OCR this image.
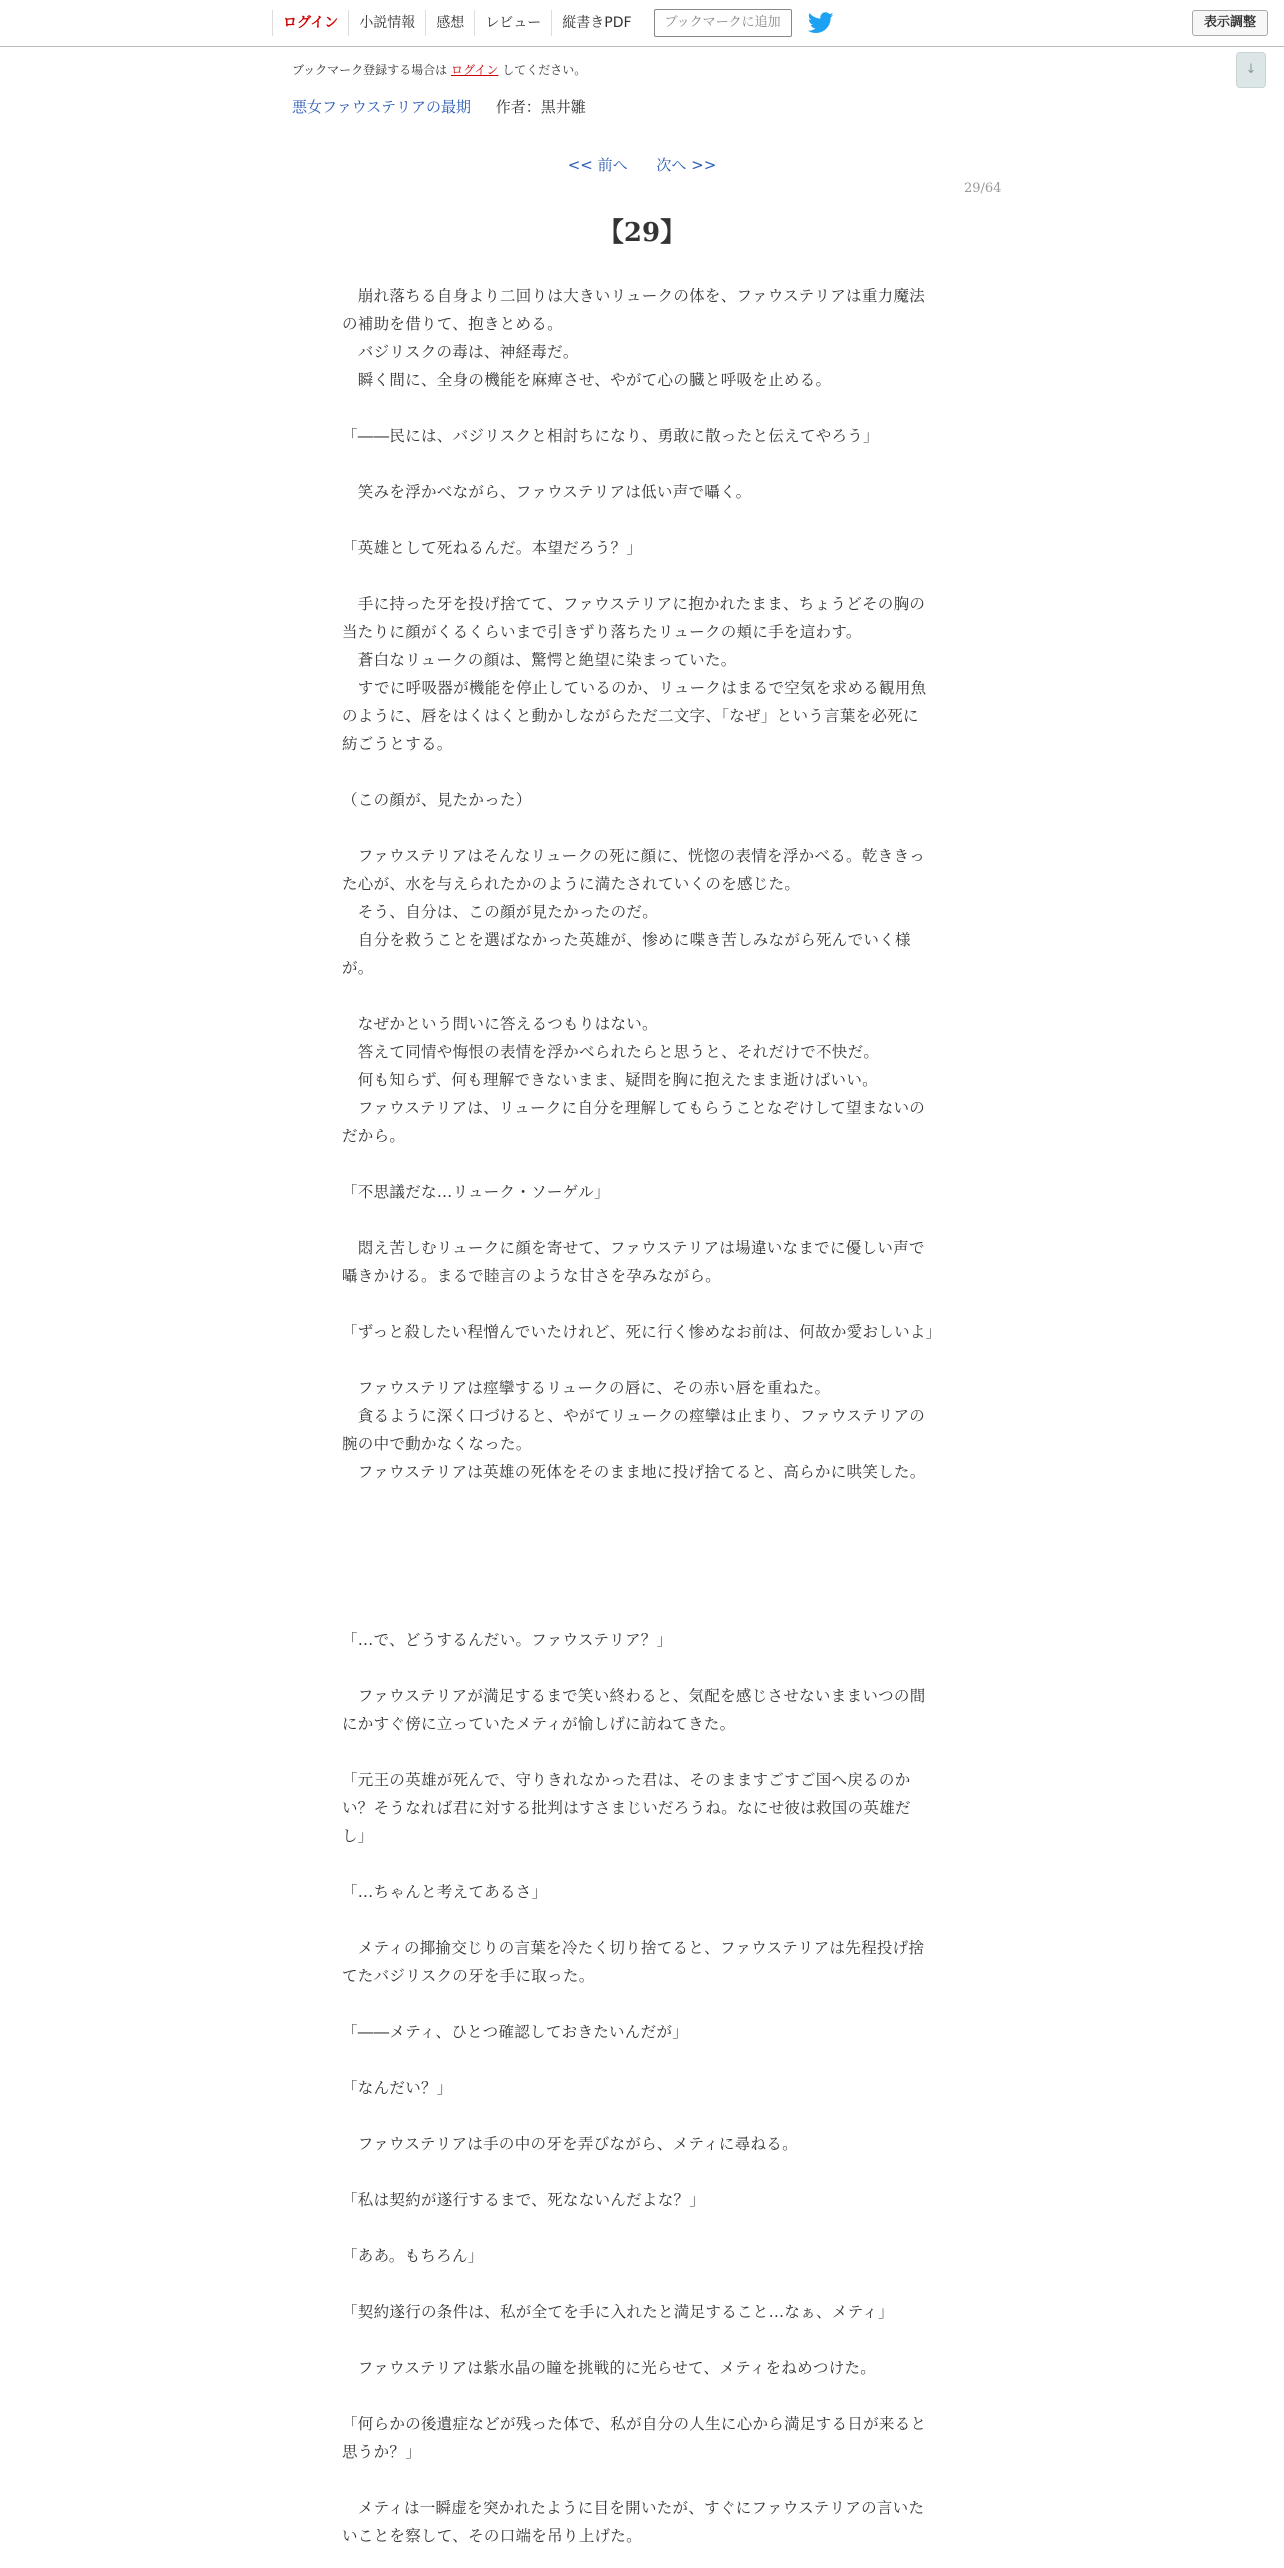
ログイン	小説情報	感想	レビュー	縦書きPDF	ブックマークに追加	表示調整
↓
ブックマーク登録する場合は ログイン してください。
悪女ファウステリアの最期 作者：黒井雛
<< 前へ 次へ >>
29/64
【29】
　崩れ落ちる自身より二回りは大きいリュークの体を、ファウステリアは重力魔法の補助を借りて、抱きとめる。
　バジリスクの毒は、神経毒だ。
　瞬く間に、全身の機能を麻痺させ、やがて心の臓と呼吸を止める。

「――民には、バジリスクと相討ちになり、勇敢に散ったと伝えてやろう」

　笑みを浮かべながら、ファウステリアは低い声で囁く。

「英雄として死ねるんだ。本望だろう？」

　手に持った牙を投げ捨てて、ファウステリアに抱かれたまま、ちょうどその胸の当たりに顔がくるくらいまで引きずり落ちたリュークの頬に手を這わす。
　蒼白なリュークの顔は、驚愕と絶望に染まっていた。
　すでに呼吸器が機能を停止しているのか、リュークはまるで空気を求める観用魚のように、唇をはくはくと動かしながらただ二文字、「なぜ」という言葉を必死に紡ごうとする。

（この顔が、見たかった）

　ファウステリアはそんなリュークの死に顔に、恍惚の表情を浮かべる。乾ききった心が、水を与えられたかのように満たされていくのを感じた。
　そう、自分は、この顔が見たかったのだ。
　自分を救うことを選ばなかった英雄が、惨めに喋き苦しみながら死んでいく様が。

　なぜかという問いに答えるつもりはない。
　答えて同情や悔恨の表情を浮かべられたらと思うと、それだけで不快だ。
　何も知らず、何も理解できないまま、疑問を胸に抱えたまま逝けばいい。
　ファウステリアは、リュークに自分を理解してもらうことなぞけして望まないのだから。

「不思議だな…リューク・ソーゲル」

　悶え苦しむリュークに顔を寄せて、ファウステリアは場違いなまでに優しい声で囁きかける。まるで睦言のような甘さを孕みながら。

「ずっと殺したい程憎んでいたけれど、死に行く惨めなお前は、何故か愛おしいよ」

　ファウステリアは痙攣するリュークの唇に、その赤い唇を重ねた。
　貪るように深く口づけると、やがてリュークの痙攣は止まり、ファウステリアの腕の中で動かなくなった。
　ファウステリアは英雄の死体をそのまま地に投げ捨てると、高らかに哄笑した。

「…で、どうするんだい。ファウステリア？」

　ファウステリアが満足するまで笑い終わると、気配を感じさせないままいつの間にかすぐ傍に立っていたメティが愉しげに訪ねてきた。

「元王の英雄が死んで、守りきれなかった君は、そのまますごすご国へ戻るのかい？そうなれば君に対する批判はすさまじいだろうね。なにせ彼は救国の英雄だし」

「…ちゃんと考えてあるさ」

　メティの揶揄交じりの言葉を冷たく切り捨てると、ファウステリアは先程投げ捨てたバジリスクの牙を手に取った。

「――メティ、ひとつ確認しておきたいんだが」

「なんだい？」

　ファウステリアは手の中の牙を弄びながら、メティに尋ねる。

「私は契約が遂行するまで、死なないんだよな？」

「ああ。もちろん」

「契約遂行の条件は、私が全てを手に入れたと満足すること…なぁ、メティ」

　ファウステリアは紫水晶の瞳を挑戦的に光らせて、メティをねめつけた。

「何らかの後遺症などが残った体で、私が自分の人生に心から満足する日が来ると思うか？」

　メティは一瞬虚を突かれたように目を開いたが、すぐにファウステリアの言いたいことを察して、その口端を吊り上げた。
